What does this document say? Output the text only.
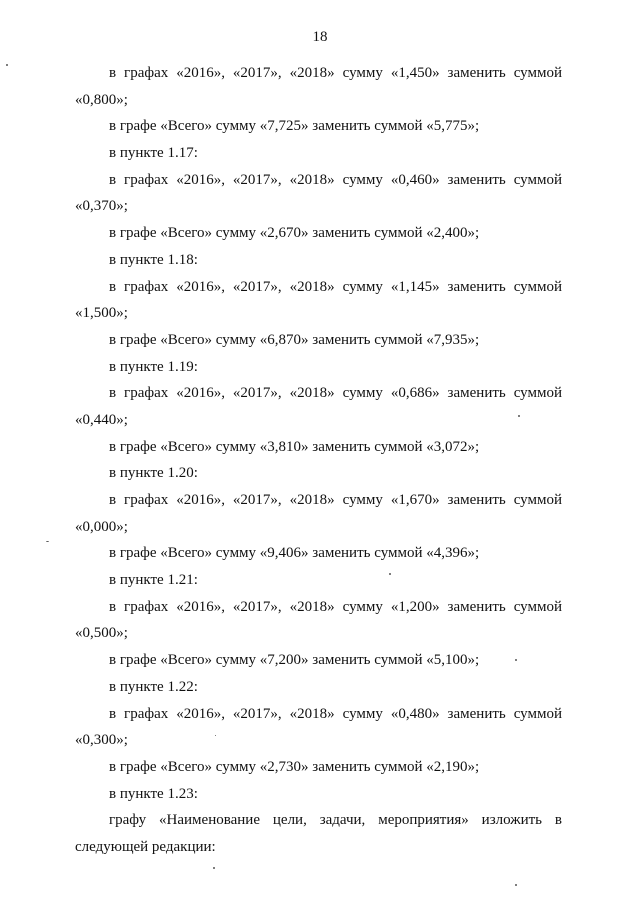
18
в графах «2016», «2017», «2018» сумму «1,450» заменить суммой
«0,800»;
в графе «Всего» сумму «7,725» заменить суммой «5,775»;
в пункте 1.17:
в графах «2016», «2017», «2018» сумму «0,460» заменить суммой
«0,370»;
в графе «Всего» сумму «2,670» заменить суммой «2,400»;
в пункте 1.18:
в графах «2016», «2017», «2018» сумму «1,145» заменить суммой
«1,500»;
в графе «Всего» сумму «6,870» заменить суммой «7,935»;
в пункте 1.19:
в графах «2016», «2017», «2018» сумму «0,686» заменить суммой
«0,440»;
в графе «Всего» сумму «3,810» заменить суммой «3,072»;
в пункте 1.20:
в графах «2016», «2017», «2018» сумму «1,670» заменить суммой
«0,000»;
в графе «Всего» сумму «9,406» заменить суммой «4,396»;
в пункте 1.21:
в графах «2016», «2017», «2018» сумму «1,200» заменить суммой
«0,500»;
в графе «Всего» сумму «7,200» заменить суммой «5,100»;
в пункте 1.22:
в графах «2016», «2017», «2018» сумму «0,480» заменить суммой
«0,300»;
в графе «Всего» сумму «2,730» заменить суммой «2,190»;
в пункте 1.23:
графу «Наименование цели, задачи, мероприятия» изложить в
следующей редакции:
